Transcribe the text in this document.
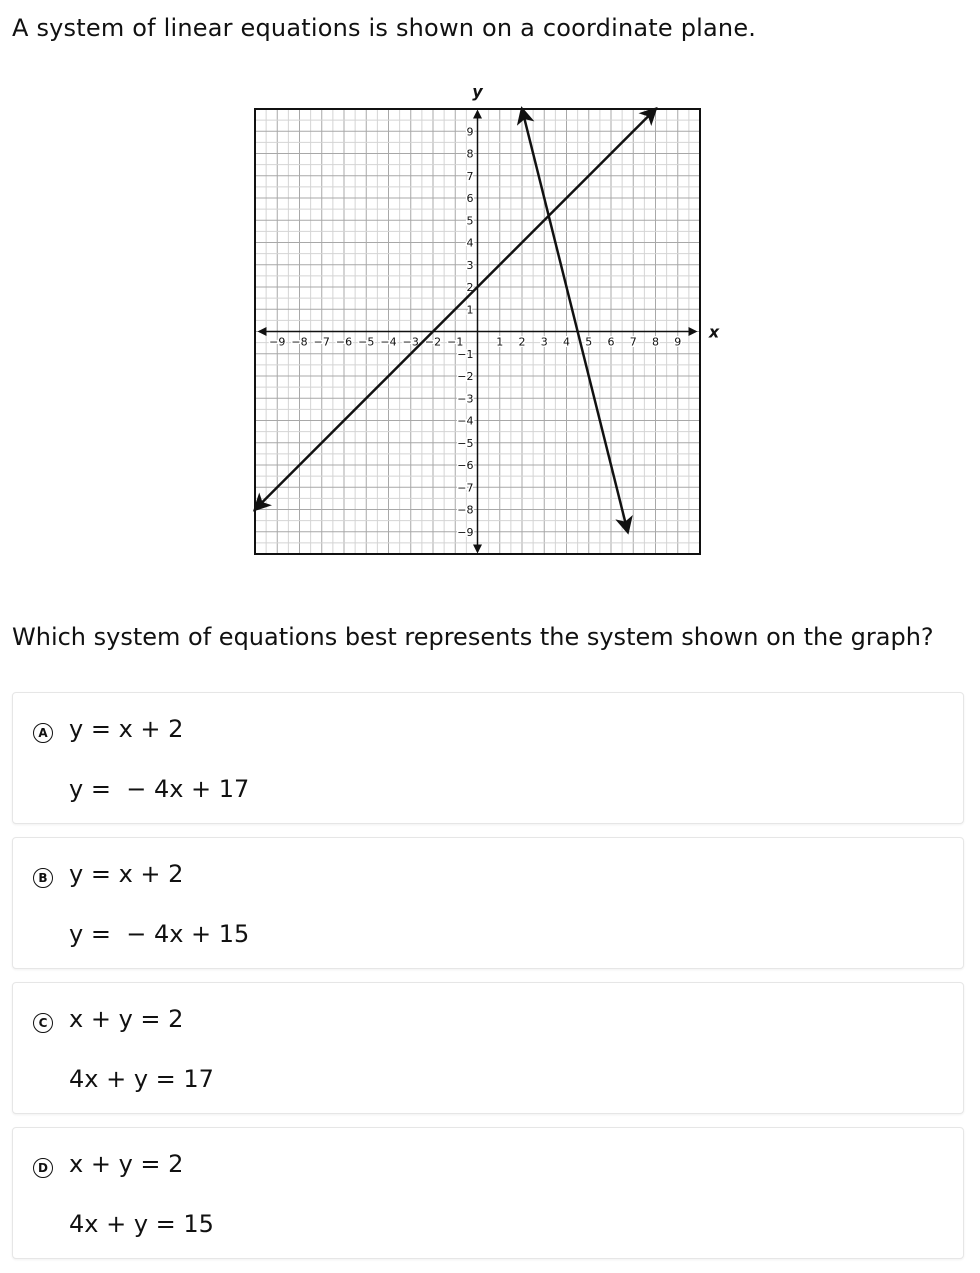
A system of linear equations is shown on a coordinate plane.
x
y
−9 −8 −7 −6 −5 −4 −3 −2 −1	1 2 3 4 5 6 7 8 9
−9
−8
−7
−6
−5
−4
−3
−2
−1
1
2
3
4
5
6
7
8
9
Which system of equations best represents the system shown on the graph?
A y = x + 2
y =  − 4x + 17
B y = x + 2
y =  − 4x + 15
C x + y = 2
4x + y = 17
D x + y = 2
4x + y = 15
